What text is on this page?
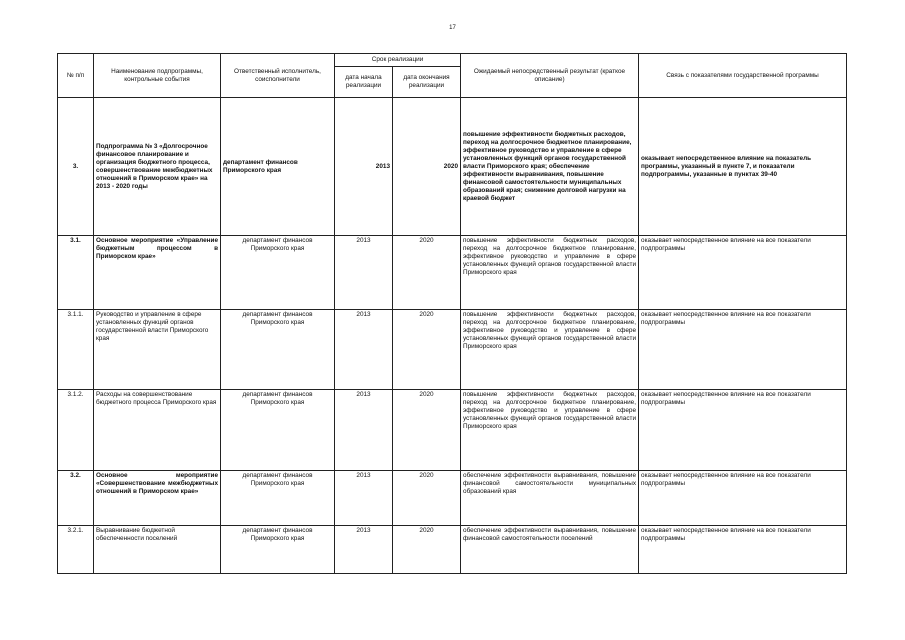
17
№ п/п	Наименование подпрограммы, контрольные события	Ответственный исполнитель, соисполнители	Срок реализации		Ожидаемый непосредственный результат (краткое описание)	Связь с показателями государственной программы
			дата начала реализации	дата окончания реализации		
3.	Подпрограмма № 3 «Долгосрочное финансовое планирование и организация бюджетного процесса, совершенствование межбюджетных отношений в Приморском крае» на 2013 - 2020 годы	департамент финансов Приморского края	2013	2020	повышение эффективности бюджетных расходов, переход на долгосрочное бюджетное планирование, эффективное руководство и управление в сфере установленных функций органов государственной власти Приморского края; обеспечение эффективности выравнивания, повышение финансовой самостоятельности муниципальных образований края; снижение долговой нагрузки на краевой бюджет	оказывает непосредственное влияние на показатель программы, указанный в пункте 7, и показатели подпрограммы, указанные в пунктах 39-40
3.1.	Основное мероприятие «Управление бюджетным процессом в Приморском крае»	департамент финансов Приморского края	2013	2020	повышение эффективности бюджетных расходов, переход на долгосрочное бюджетное планирование, эффективное руководство и управление в сфере установленных функций органов государственной власти Приморского края	оказывает непосредственное влияние на все показатели подпрограммы
3.1.1.	Руководство и управление в сфере установленных функций органов государственной власти Приморского края	департамент финансов Приморского края	2013	2020	повышение эффективности бюджетных расходов, переход на долгосрочное бюджетное планирование, эффективное руководство и управление в сфере установленных функций органов государственной власти Приморского края	оказывает непосредственное влияние на все показатели подпрограммы
3.1.2.	Расходы на совершенствование бюджетного процесса Приморского края	департамент финансов Приморского края	2013	2020	повышение эффективности бюджетных расходов, переход на долгосрочное бюджетное планирование, эффективное руководство и управление в сфере установленных функций органов государственной власти Приморского края	оказывает непосредственное влияние на все показатели подпрограммы
3.2.	Основное мероприятие «Совершенствование межбюджетных отношений в Приморском крае»	департамент финансов Приморского края	2013	2020	обеспечение эффективности выравнивания, повышение финансовой самостоятельности муниципальных образований края	оказывает непосредственное влияние на все показатели подпрограммы
3.2.1.	Выравнивание бюджетной обеспеченности поселений	департамент финансов Приморского края	2013	2020	обеспечение эффективности выравнивания, повышение финансовой самостоятельности поселений	оказывает непосредственное влияние на все показатели подпрограммы
